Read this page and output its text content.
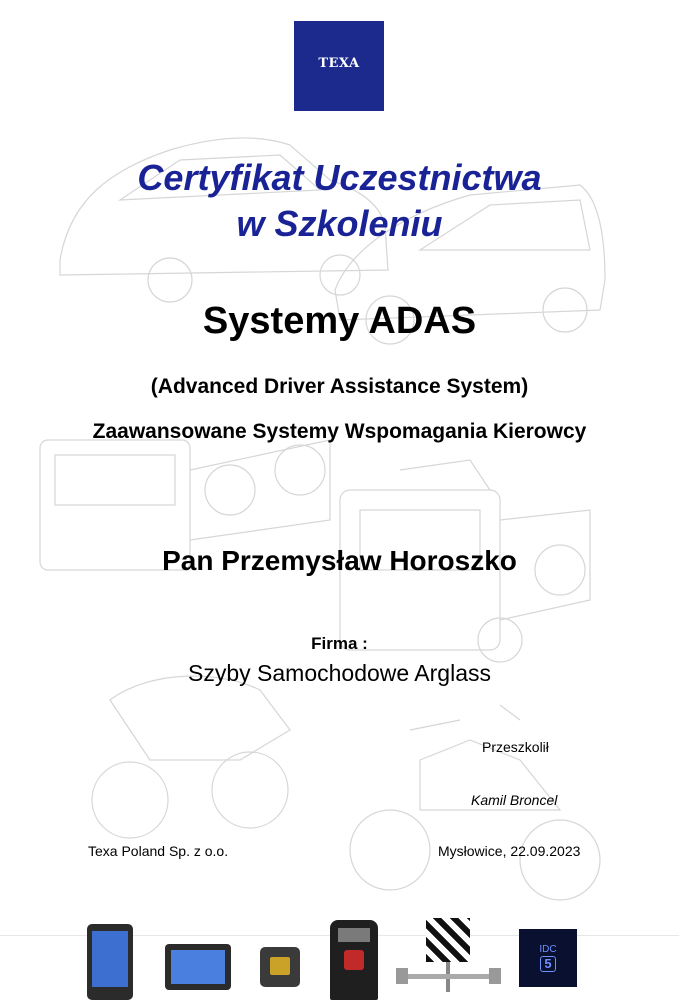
TEXA
Certyfikat Uczestnictwa
w Szkoleniu
Systemy ADAS
(Advanced Driver Assistance System)
Zaawansowane Systemy Wspomagania Kierowcy
Pan Przemysław Horoszko
Firma :
Szyby Samochodowe Arglass
Przeszkolił
Kamil Broncel
Texa Poland Sp. z o.o.	Mysłowice, 22.09.2023
IDC
5
